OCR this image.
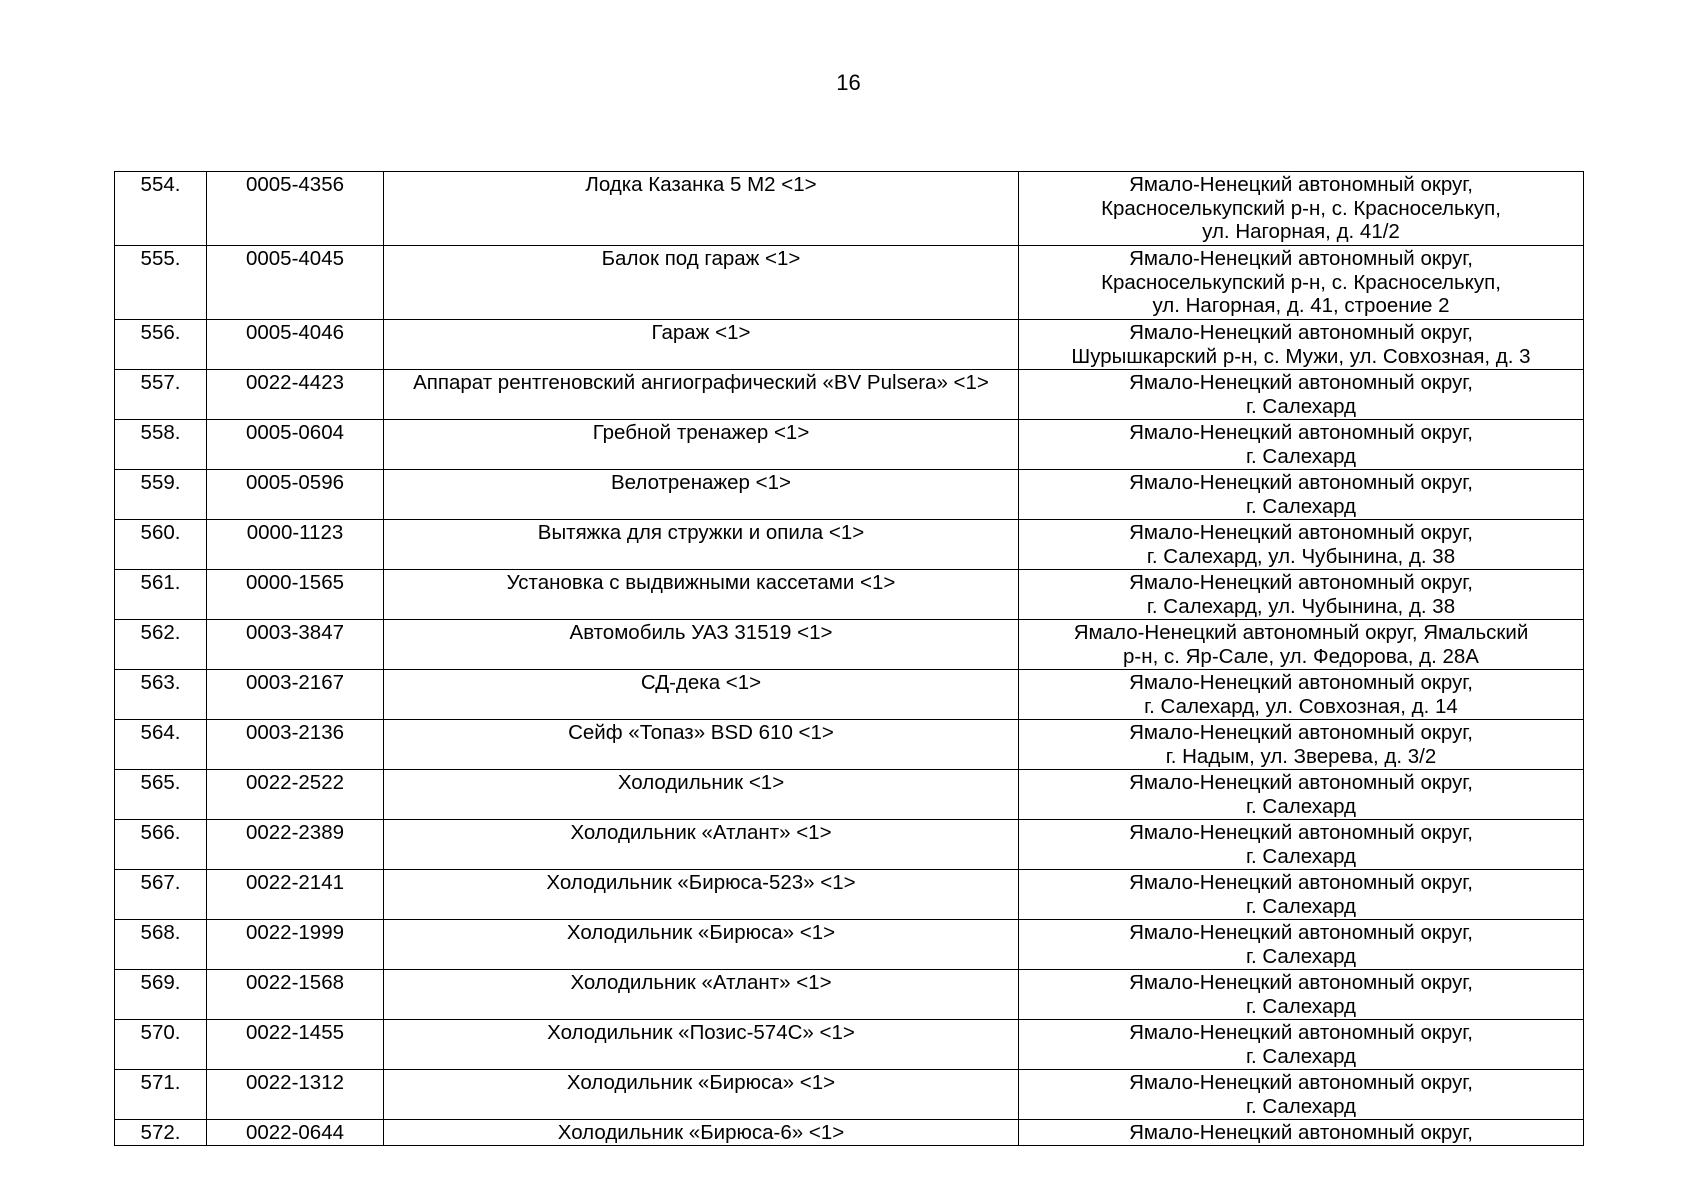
16
554.	0005-4356	Лодка Казанка 5 М2 <1>	Ямало-Ненецкий автономный округ,
Красноселькупский р-н, с. Красноселькуп,
ул. Нагорная, д. 41/2

555.	0005-4045	Балок под гараж <1>	Ямало-Ненецкий автономный округ,
Красноселькупский р-н, с. Красноселькуп,
ул. Нагорная, д. 41, строение 2

556.	0005-4046	Гараж <1>	Ямало-Ненецкий автономный округ,
Шурышкарский р-н, с. Мужи, ул. Совхозная, д. 3

557.	0022-4423	Аппарат рентгеновский ангиографический «BV Pulsera» <1>	Ямало-Ненецкий автономный округ,
г. Салехард

558.	0005-0604	Гребной тренажер <1>	Ямало-Ненецкий автономный округ,
г. Салехард

559.	0005-0596	Велотренажер <1>	Ямало-Ненецкий автономный округ,
г. Салехард

560.	0000-1123	Вытяжка для стружки и опила <1>	Ямало-Ненецкий автономный округ,
г. Салехард, ул. Чубынина, д. 38

561.	0000-1565	Установка с выдвижными кассетами <1>	Ямало-Ненецкий автономный округ,
г. Салехард, ул. Чубынина, д. 38

562.	0003-3847	Автомобиль УАЗ 31519 <1>	Ямало-Ненецкий автономный округ, Ямальский
р-н, с. Яр-Сале, ул. Федорова, д. 28А

563.	0003-2167	СД-дека <1>	Ямало-Ненецкий автономный округ,
г. Салехард, ул. Совхозная, д. 14

564.	0003-2136	Сейф «Топаз» BSD 610 <1>	Ямало-Ненецкий автономный округ,
г. Надым, ул. Зверева, д. 3/2

565.	0022-2522	Холодильник <1>	Ямало-Ненецкий автономный округ,
г. Салехард

566.	0022-2389	Холодильник «Атлант» <1>	Ямало-Ненецкий автономный округ,
г. Салехард

567.	0022-2141	Холодильник «Бирюса-523» <1>	Ямало-Ненецкий автономный округ,
г. Салехард

568.	0022-1999	Холодильник «Бирюса» <1>	Ямало-Ненецкий автономный округ,
г. Салехард

569.	0022-1568	Холодильник «Атлант» <1>	Ямало-Ненецкий автономный округ,
г. Салехард

570.	0022-1455	Холодильник «Позис-574С» <1>	Ямало-Ненецкий автономный округ,
г. Салехард

571.	0022-1312	Холодильник «Бирюса» <1>	Ямало-Ненецкий автономный округ,
г. Салехард

572.	0022-0644	Холодильник «Бирюса-6» <1>	Ямало-Ненецкий автономный округ,
